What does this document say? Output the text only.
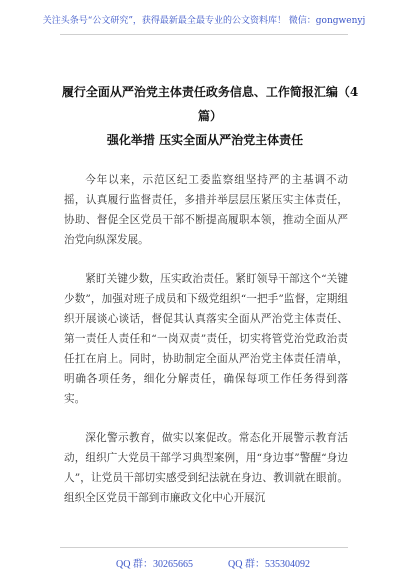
关注头条号“公文研究”，获得最新最全最专业的公文资料库！ 微信：gongwenyj
履行全面从严治党主体责任政务信息、工作简报汇编（4篇）
强化举措 压实全面从严治党主体责任

今年以来，示范区纪工委监察组坚持严的主基调不动摇，认真履行监督责任，多措并举层层压紧压实主体责任，协助、督促全区党员干部不断提高履职本领，推动全面从严治党向纵深发展。

紧盯关键少数，压实政治责任。紧盯领导干部这个“关键少数”，加强对班子成员和下级党组织“一把手”监督，定期组织开展谈心谈话，督促其认真落实全面从严治党主体责任、第一责任人责任和“一岗双责”责任，切实将管党治党政治责任扛在肩上。同时，协助制定全面从严治党主体责任清单，明确各项任务，细化分解责任，确保每项工作任务得到落实。

深化警示教育，做实以案促改。常态化开展警示教育活动，组织广大党员干部学习典型案例，用“身边事”警醒“身边人”，让党员干部切实感受到纪法就在身边、教训就在眼前。组织全区党员干部到市廉政文化中心开展沉

QQ 群：30265665	QQ 群：535304092
